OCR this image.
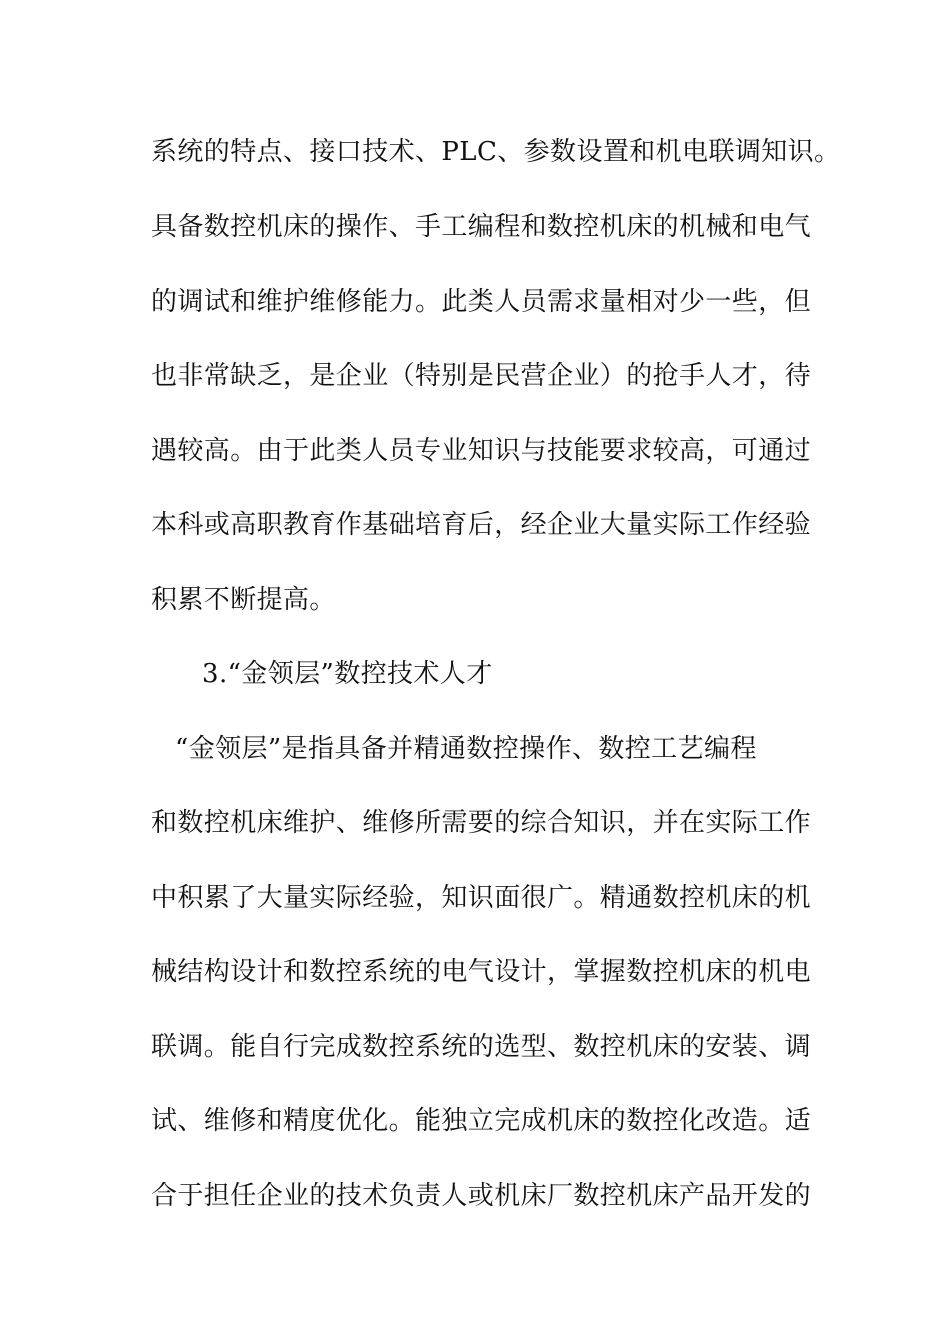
系统的特点、接口技术、PLC、参数设置和机电联调知识。
具备数控机床的操作、手工编程和数控机床的机械和电气
的调试和维护维修能力。此类人员需求量相对少一些，但
也非常缺乏，是企业（特别是民营企业）的抢手人才，待
遇较高。由于此类人员专业知识与技能要求较高，可通过
本科或高职教育作基础培育后，经企业大量实际工作经验
积累不断提高。
3.“金领层”数控技术人才
“金领层”是指具备并精通数控操作、数控工艺编程
和数控机床维护、维修所需要的综合知识，并在实际工作
中积累了大量实际经验，知识面很广。精通数控机床的机
械结构设计和数控系统的电气设计，掌握数控机床的机电
联调。能自行完成数控系统的选型、数控机床的安装、调
试、维修和精度优化。能独立完成机床的数控化改造。适
合于担任企业的技术负责人或机床厂数控机床产品开发的
